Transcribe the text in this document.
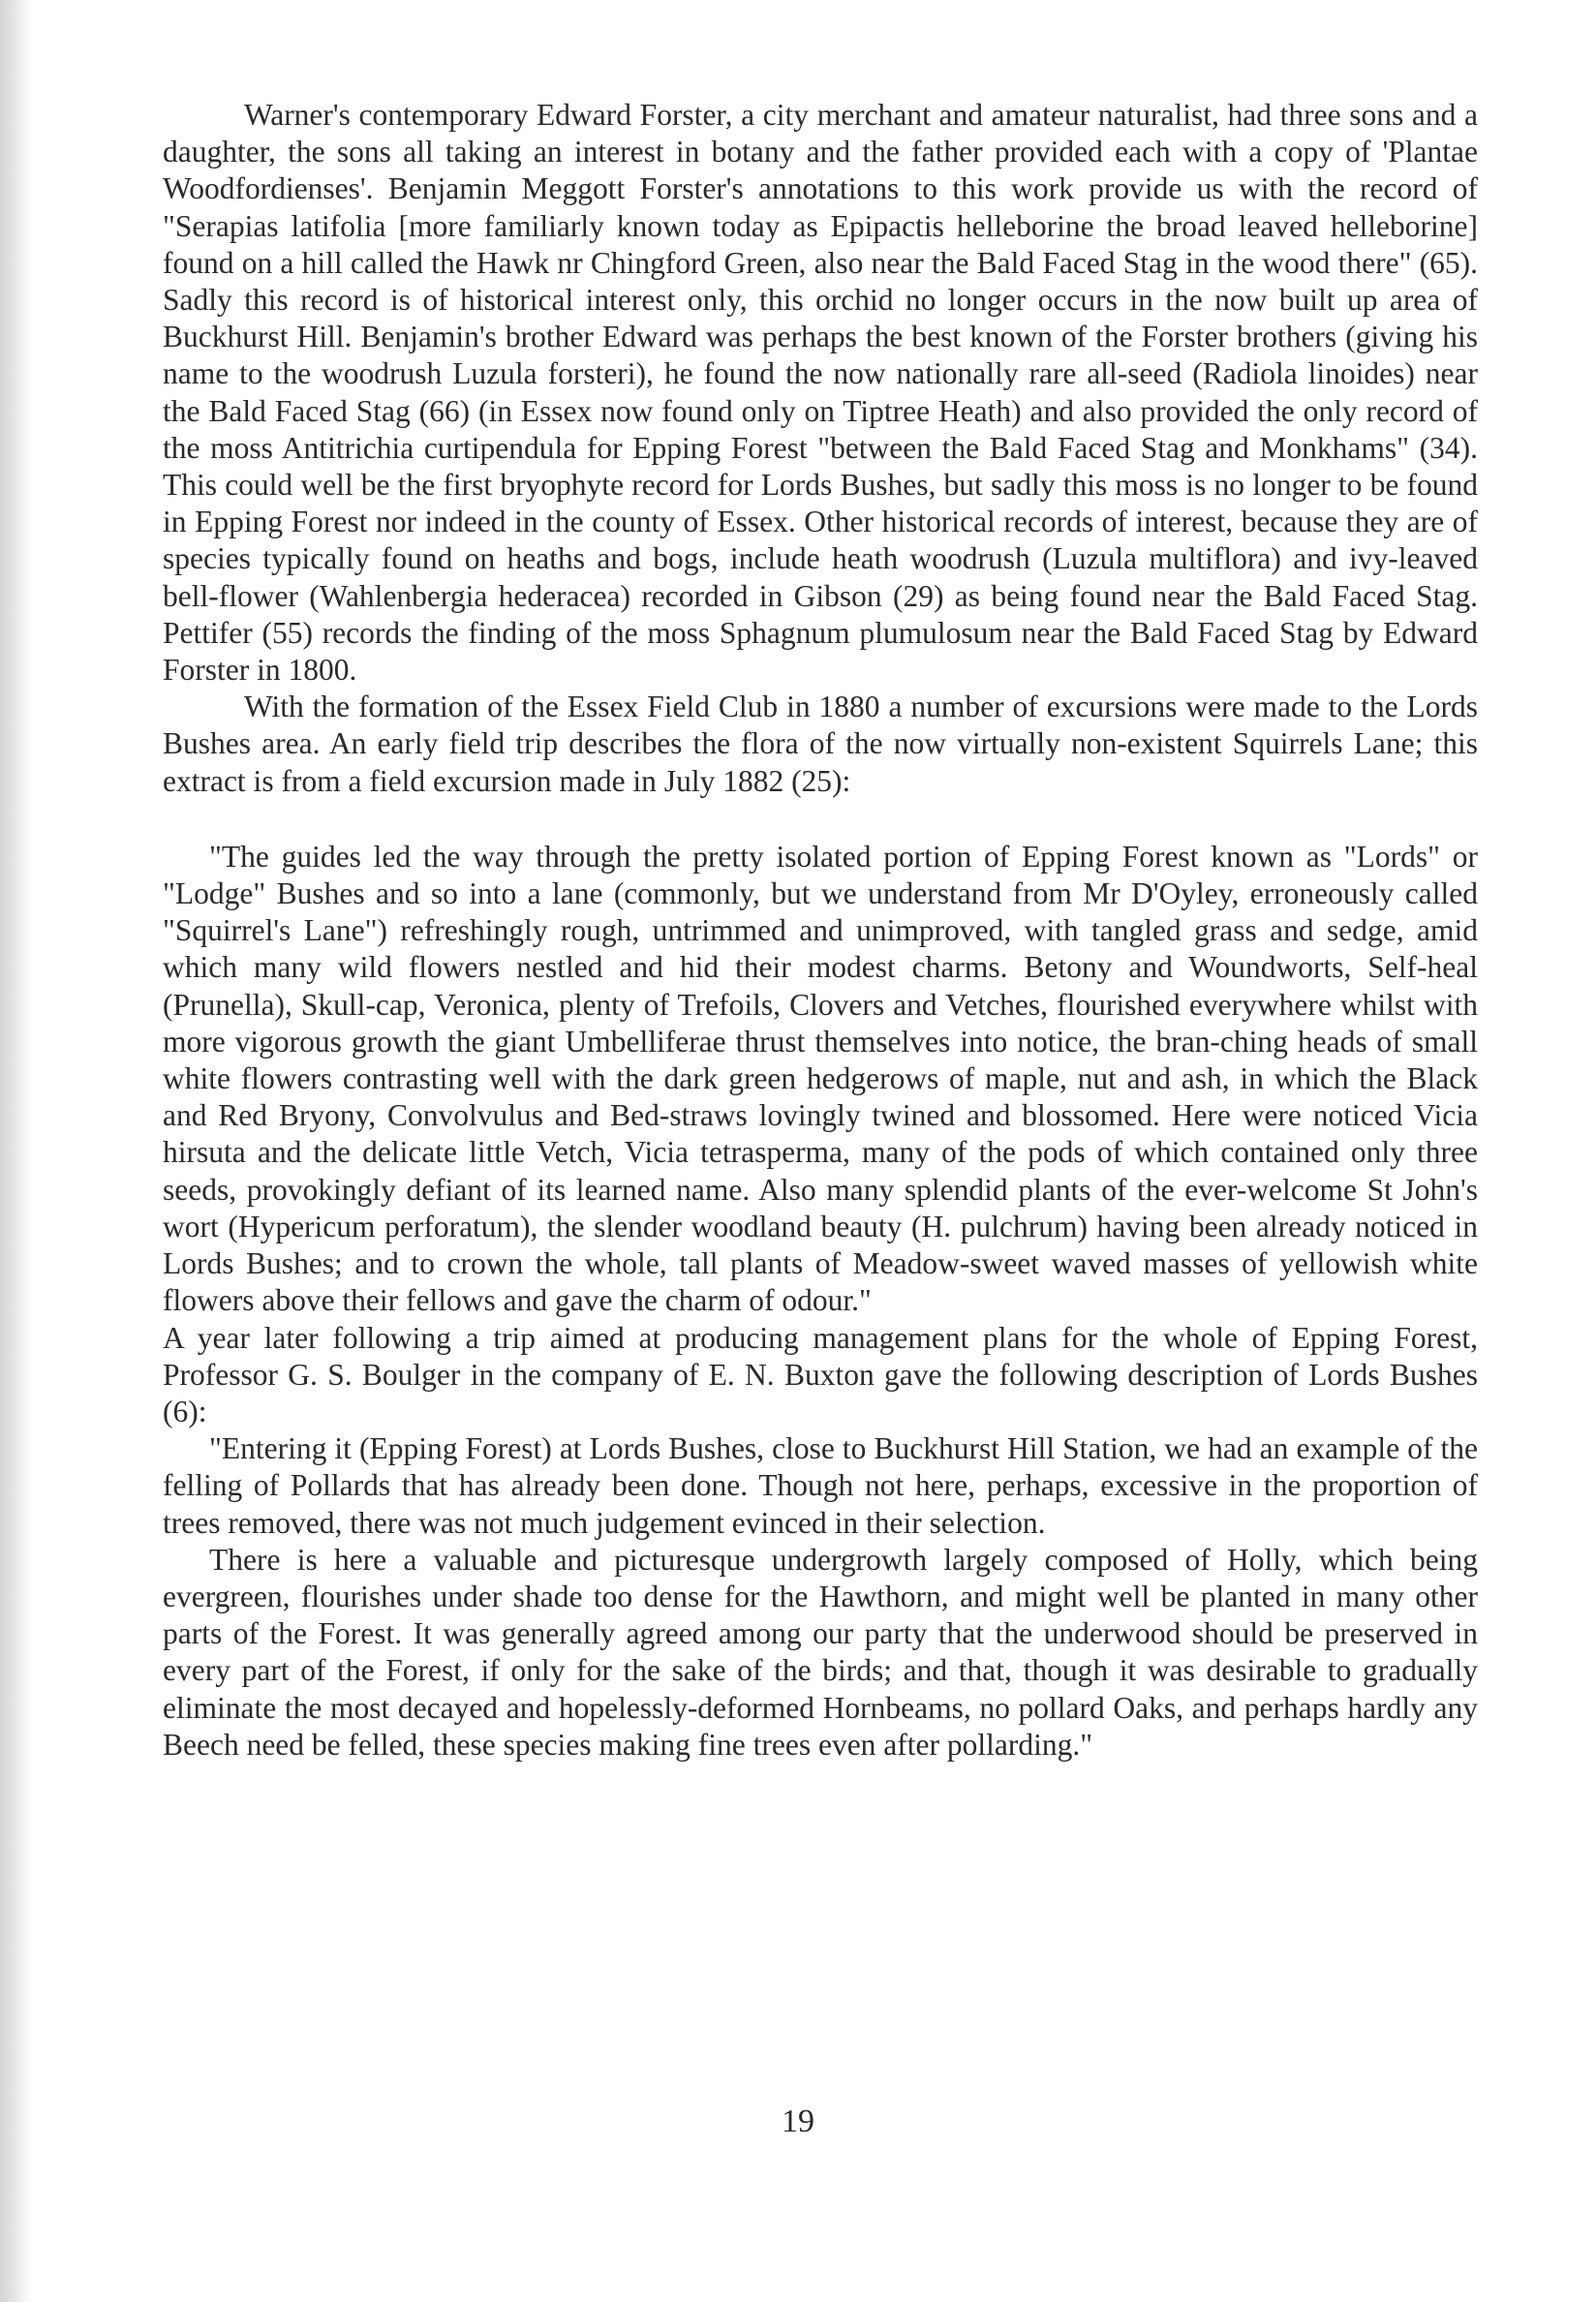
Warner's contemporary Edward Forster, a city merchant and amateur naturalist, had three sons and a daughter, the sons all taking an interest in botany and the father provided each with a copy of 'Plantae Woodfordienses'. Benjamin Meggott Forster's annotations to this work provide us with the record of "Serapias latifolia [more familiarly known today as Epipactis helleborine the broad leaved helleborine] found on a hill called the Hawk nr Chingford Green, also near the Bald Faced Stag in the wood there" (65). Sadly this record is of historical interest only, this orchid no longer occurs in the now built up area of Buckhurst Hill. Benjamin's brother Edward was perhaps the best known of the Forster brothers (giving his name to the woodrush Luzula forsteri), he found the now nationally rare all-seed (Radiola linoides) near the Bald Faced Stag (66) (in Essex now found only on Tiptree Heath) and also provided the only record of the moss Antitrichia curtipendula for Epping Forest "between the Bald Faced Stag and Monkhams" (34). This could well be the first bryophyte record for Lords Bushes, but sadly this moss is no longer to be found in Epping Forest nor indeed in the county of Essex. Other historical records of interest, because they are of species typically found on heaths and bogs, include heath woodrush (Luzula multiflora) and ivy-leaved bell-flower (Wahlenbergia hederacea) recorded in Gibson (29) as being found near the Bald Faced Stag. Pettifer (55) records the finding of the moss Sphagnum plumulosum near the Bald Faced Stag by Edward Forster in 1800.

With the formation of the Essex Field Club in 1880 a number of excursions were made to the Lords Bushes area. An early field trip describes the flora of the now virtually non-existent Squirrels Lane; this extract is from a field excursion made in July 1882 (25):

"The guides led the way through the pretty isolated portion of Epping Forest known as "Lords" or "Lodge" Bushes and so into a lane (commonly, but we understand from Mr D'Oyley, erroneously called "Squirrel's Lane") refreshingly rough, untrimmed and unimproved, with tangled grass and sedge, amid which many wild flowers nestled and hid their modest charms. Betony and Woundworts, Self-heal (Prunella), Skull-cap, Veronica, plenty of Trefoils, Clovers and Vetches, flourished everywhere whilst with more vigorous growth the giant Umbelliferae thrust themselves into notice, the bran-ching heads of small white flowers contrasting well with the dark green hedgerows of maple, nut and ash, in which the Black and Red Bryony, Convolvulus and Bed-straws lovingly twined and blossomed. Here were noticed Vicia hirsuta and the delicate little Vetch, Vicia tetrasperma, many of the pods of which contained only three seeds, provokingly defiant of its learned name. Also many splendid plants of the ever-welcome St John's wort (Hypericum perforatum), the slender woodland beauty (H. pulchrum) having been already noticed in Lords Bushes; and to crown the whole, tall plants of Meadow-sweet waved masses of yellowish white flowers above their fellows and gave the charm of odour."

A year later following a trip aimed at producing management plans for the whole of Epping Forest, Professor G. S. Boulger in the company of E. N. Buxton gave the following description of Lords Bushes (6):

"Entering it (Epping Forest) at Lords Bushes, close to Buckhurst Hill Station, we had an example of the felling of Pollards that has already been done. Though not here, perhaps, excessive in the proportion of trees removed, there was not much judgement evinced in their selection.

There is here a valuable and picturesque undergrowth largely composed of Holly, which being evergreen, flourishes under shade too dense for the Hawthorn, and might well be planted in many other parts of the Forest. It was generally agreed among our party that the underwood should be preserved in every part of the Forest, if only for the sake of the birds; and that, though it was desirable to gradually eliminate the most decayed and hopelessly-deformed Hornbeams, no pollard Oaks, and perhaps hardly any Beech need be felled, these species making fine trees even after pollarding."

19
